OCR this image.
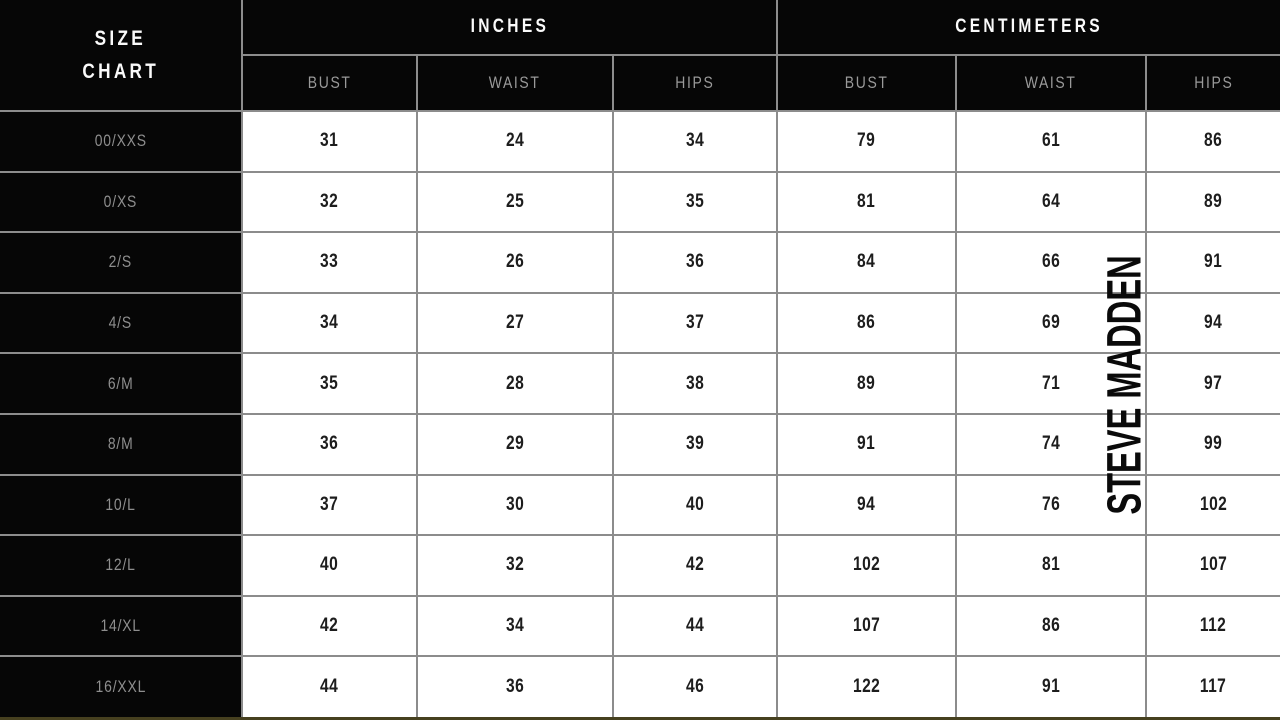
SIZE
CHART	INCHES			CENTIMETERS		
	BUST	WAIST	HIPS	BUST	WAIST	HIPS
00/XXS	31	24	34	79	61	86
0/XS	32	25	35	81	64	89
2/S	33	26	36	84	66	91
4/S	34	27	37	86	69	94
6/M	35	28	38	89	71	97
8/M	36	29	39	91	74	99
10/L	37	30	40	94	76	102
12/L	40	32	42	102	81	107
14/XL	42	34	44	107	86	112
16/XXL	44	36	46	122	91	117
STEVE MADDEN
